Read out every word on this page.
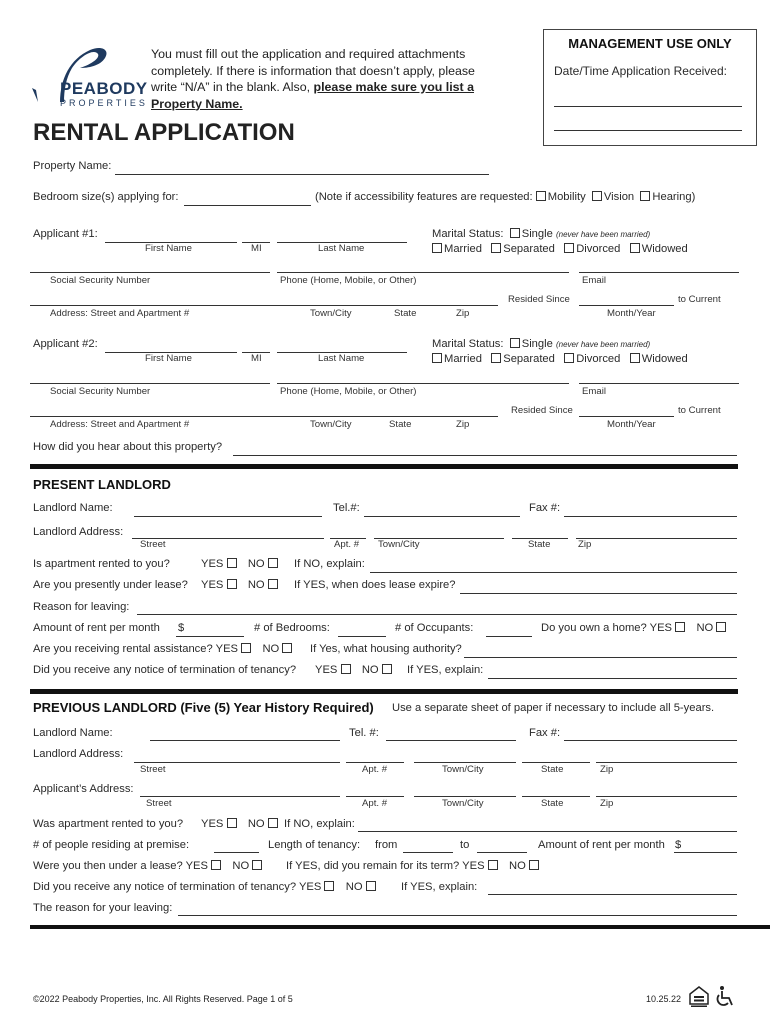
PEABODY
PROPERTIES
You must fill out the application and required attachments
completely. If there is information that doesn’t apply, please
write “N/A” in the blank. Also, please make sure you list a
Property Name.
MANAGEMENT USE ONLY
Date/Time Application Received:
RENTAL APPLICATION
Property Name:
Bedroom size(s) applying for:	(Note if accessibility features are requested: Mobility Vision Hearing)
Applicant #1:
First Name	MI	Last Name
Marital Status: Single (never have been married)
Married Separated Divorced Widowed
Social Security Number	Phone (Home, Mobile, or Other)	Email
Resided Since	to Current
Address: Street and Apartment #	Town/City	State	Zip	Month/Year
Applicant #2:
First Name	MI	Last Name
Marital Status: Single (never have been married)
Married Separated Divorced Widowed
Social Security Number	Phone (Home, Mobile, or Other)	Email
Resided Since	to Current
Address: Street and Apartment #	Town/City	State	Zip	Month/Year
How did you hear about this property?
PRESENT LANDLORD
Landlord Name:	Tel.#:	Fax #:
Landlord Address:
Street	Apt. # Town/City	State	Zip
Is apartment rented to you?	YES NO	If NO, explain:
Are you presently under lease? YES NO	If YES, when does lease expire?
Reason for leaving:
Amount of rent per month $	# of Bedrooms:	# of Occupants:	Do you own a home? YES NO
Are you receiving rental assistance? YES NO	If Yes, what housing authority?
Did you receive any notice of termination of tenancy? YES NO	If YES, explain:
PREVIOUS LANDLORD (Five (5) Year History Required) Use a separate sheet of paper if necessary to include all 5-years.
Landlord Name:	Tel. #:	Fax #:
Landlord Address:
Street	Apt. #	Town/City	State	Zip
Applicant’s Address:
Street	Apt. #	Town/City	State	Zip
Was apartment rented to you? YES NO	If NO, explain:
# of people residing at premise:	Length of tenancy: from	to	Amount of rent per month $
Were you then under a lease? YES NO	If YES, did you remain for its term? YES NO
Did you receive any notice of termination of tenancy? YES NO	If YES, explain:
The reason for your leaving:
©2022 Peabody Properties, Inc. All Rights Reserved. Page 1 of 5	10.25.22
